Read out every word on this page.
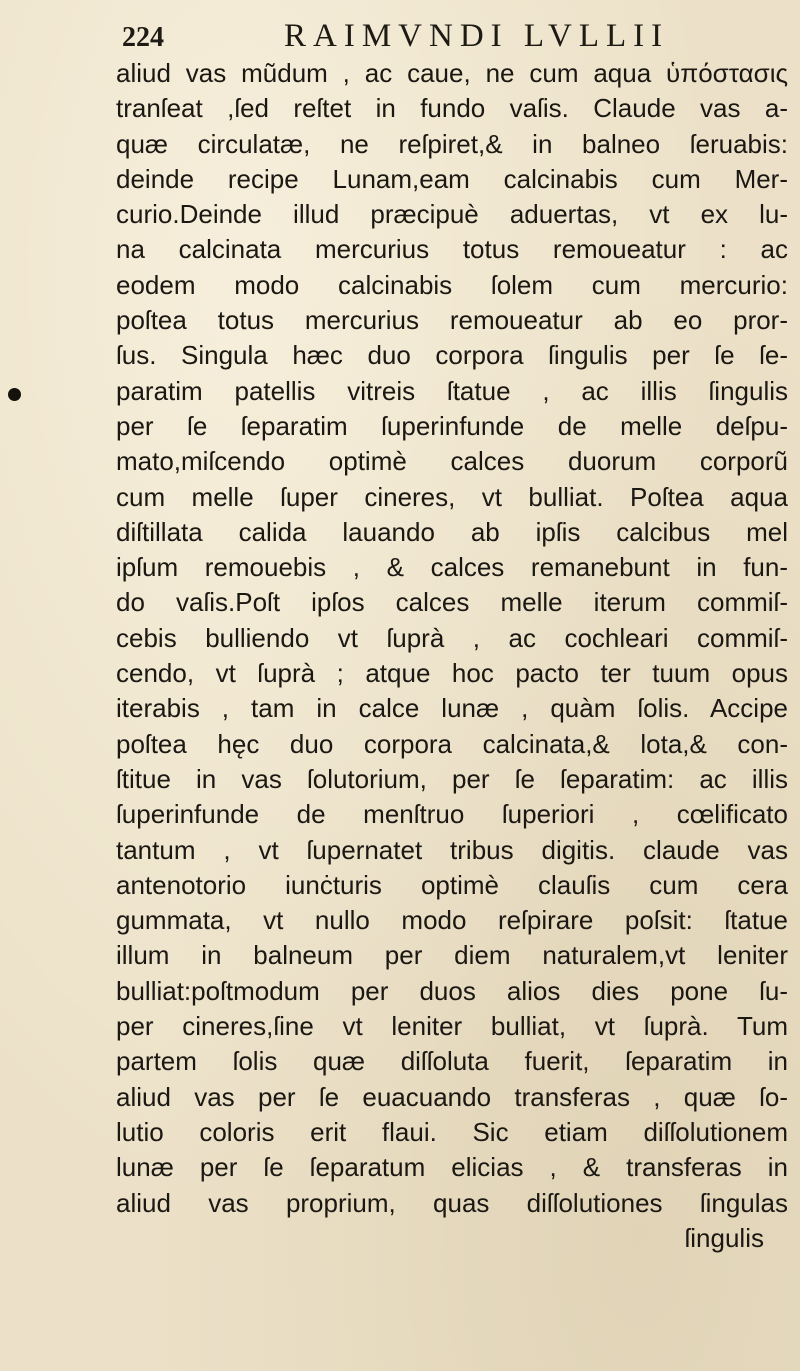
224	RAIMVNDI LVLLII
aliud vas mũdum , ac caue, ne cum aqua ὑπόστασις
tranſeat ,ſed reſtet in fundo vaſis. Claude vas a-
quæ circulatæ, ne reſpiret,& in balneo ſeruabis:
deinde recipe Lunam,eam calcinabis cum Mer-
curio.Deinde illud præcipuè aduertas, vt ex lu-
na calcinata mercurius totus remoueatur : ac
eodem modo calcinabis ſolem cum mercurio:
poſtea totus mercurius remoueatur ab eo pror-
ſus. Singula hæc duo corpora ſingulis per ſe ſe-
paratim patellis vitreis ſtatue , ac illis ſingulis
per ſe ſeparatim ſuperinfunde de melle deſpu-
mato,miſcendo optimè calces duorum corporũ
cum melle ſuper cineres, vt bulliat. Poſtea aqua
diſtillata calida lauando ab ipſis calcibus mel
ipſum remouebis , & calces remanebunt in fun-
do vaſis.Poſt ipſos calces melle iterum commiſ-
cebis bulliendo vt ſuprà , ac cochleari commiſ-
cendo, vt ſuprà ; atque hoc pacto ter tuum opus
iterabis , tam in calce lunæ , quàm ſolis. Accipe
poſtea hęc duo corpora calcinata,& lota,& con-
ſtitue in vas ſolutorium, per ſe ſeparatim: ac illis
ſuperinfunde de menſtruo ſuperiori , cœlificato
tantum , vt ſupernatet tribus digitis. claude vas
antenotorio iunċturis optimè clauſis cum cera
gummata, vt nullo modo reſpirare poſsit: ſtatue
illum in balneum per diem naturalem,vt leniter
bulliat:poſtmodum per duos alios dies pone ſu-
per cineres,ſine vt leniter bulliat, vt ſuprà. Tum
partem ſolis quæ diſſoluta fuerit, ſeparatim in
aliud vas per ſe euacuando transferas , quæ ſo-
lutio coloris erit flaui. Sic etiam diſſolutionem
lunæ per ſe ſeparatum elicias , & transferas in
aliud vas proprium, quas diſſolutiones ſingulas
ſingulis
